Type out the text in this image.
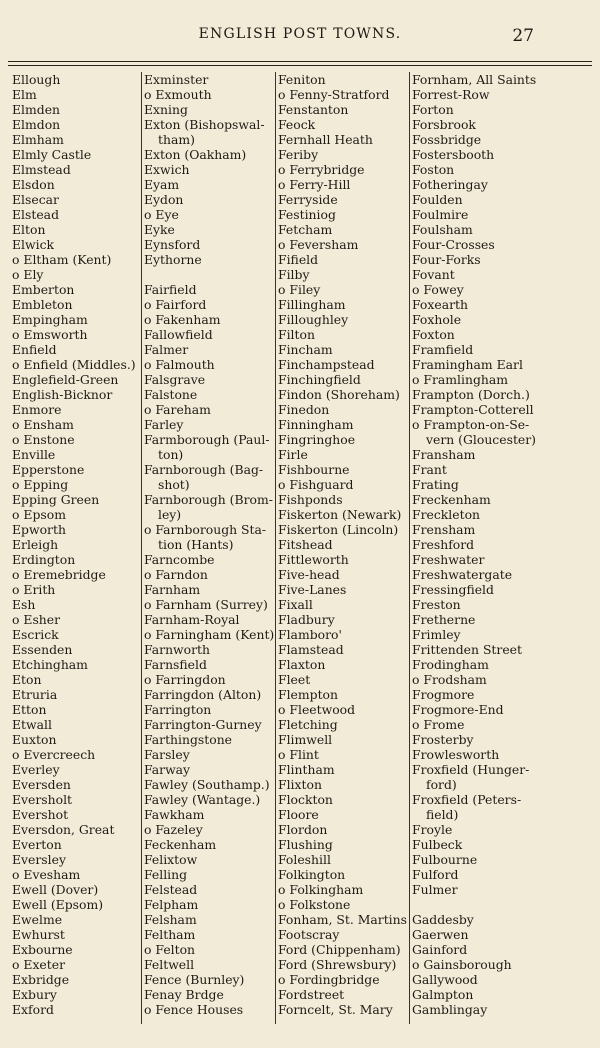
ENGLISH POST TOWNS.	27
Ellough
Elm
Elmden
Elmdon
Elmham
Elmly Castle
Elmstead
Elsdon
Elsecar
Elstead
Elton
Elwick
o Eltham (Kent)
o Ely
Emberton
Embleton
Empingham
o Emsworth
Enfield
o Enfield (Middles.)
Englefield-Green
English-Bicknor
Enmore
o Ensham
o Enstone
Enville
Epperstone
o Epping
Epping Green
o Epsom
Epworth
Erleigh
Erdington
o Eremebridge
o Erith
Esh
o Esher
Escrick
Essenden
Etchingham
Eton
Etruria
Etton
Etwall
Euxton
o Evercreech
Everley
Eversden
Eversholt
Evershot
Eversdon, Great
Everton
Eversley
o Evesham
Ewell (Dover)
Ewell (Epsom)
Ewelme
Ewhurst
Exbourne
o Exeter
Exbridge
Exbury
Exford
Exminster
o Exmouth
Exning
Exton (Bishopswal-
tham)
Exton (Oakham)
Exwich
Eyam
Eydon
o Eye
Eyke
Eynsford
Eythorne
Fairfield
o Fairford
o Fakenham
Fallowfield
Falmer
o Falmouth
Falsgrave
Falstone
o Fareham
Farley
Farmborough (Paul-
ton)
Farnborough (Bag-
shot)
Farnborough (Brom-
ley)
o Farnborough Sta-
tion (Hants)
Farncombe
o Farndon
Farnham
o Farnham (Surrey)
Farnham-Royal
o Farningham (Kent)
Farnworth
Farnsfield
o Farringdon
Farringdon (Alton)
Farrington
Farrington-Gurney
Farthingstone
Farsley
Farway
Fawley (Southamp.)
Fawley (Wantage.)
Fawkham
o Fazeley
Feckenham
Felixtow
Felling
Felstead
Felpham
Felsham
Feltham
o Felton
Feltwell
Fence (Burnley)
Fenay Brdge
o Fence Houses
Feniton
o Fenny-Stratford
Fenstanton
Feock
Fernhall Heath
Feriby
o Ferrybridge
o Ferry-Hill
Ferryside
Festiniog
Fetcham
o Feversham
Fifield
Filby
o Filey
Fillingham
Filloughley
Filton
Fincham
Finchampstead
Finchingfield
Findon (Shoreham)
Finedon
Finningham
Fingringhoe
Firle
Fishbourne
o Fishguard
Fishponds
Fiskerton (Newark)
Fiskerton (Lincoln)
Fitshead
Fittleworth
Five-head
Five-Lanes
Fixall
Fladbury
Flamboro'
Flamstead
Flaxton
Fleet
Flempton
o Fleetwood
Fletching
Flimwell
o Flint
Flintham
Flixton
Flockton
Floore
Flordon
Flushing
Foleshill
Folkington
o Folkingham
o Folkstone
Fonham, St. Martins
Footscray
Ford (Chippenham)
Ford (Shrewsbury)
o Fordingbridge
Fordstreet
Forncelt, St. Mary
Fornham, All Saints
Forrest-Row
Forton
Forsbrook
Fossbridge
Fostersbooth
Foston
Fotheringay
Foulden
Foulmire
Foulsham
Four-Crosses
Four-Forks
Fovant
o Fowey
Foxearth
Foxhole
Foxton
Framfield
Framingham Earl
o Framlingham
Frampton (Dorch.)
Frampton-Cotterell
o Frampton-on-Se-
vern (Gloucester)
Fransham
Frant
Frating
Freckenham
Freckleton
Frensham
Freshford
Freshwater
Freshwatergate
Fressingfield
Freston
Fretherne
Frimley
Frittenden Street
Frodingham
o Frodsham
Frogmore
Frogmore-End
o Frome
Frosterby
Frowlesworth
Froxfield (Hunger-
ford)
Froxfield (Peters-
field)
Froyle
Fulbeck
Fulbourne
Fulford
Fulmer
Gaddesby
Gaerwen
Gainford
o Gainsborough
Gallywood
Galmpton
Gamblingay
